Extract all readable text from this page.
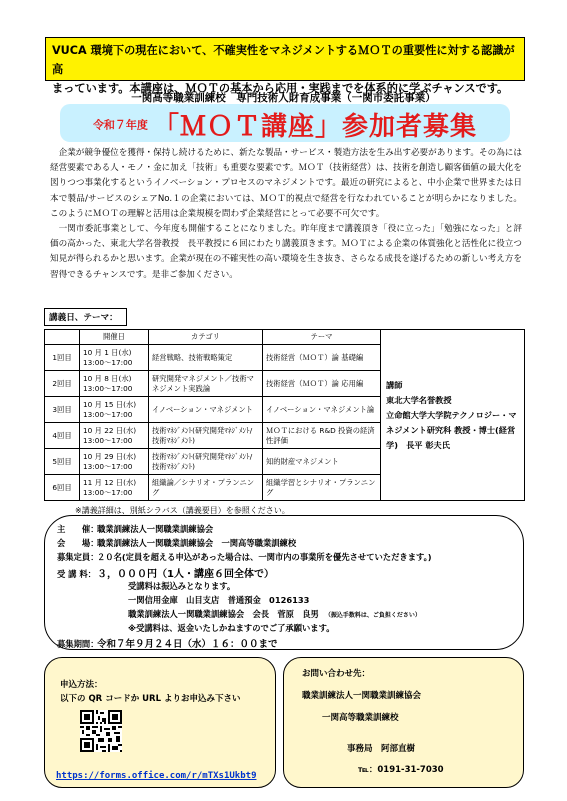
VUCA 環境下の現在において、不確実性をマネジメントするＭＯＴの重要性に対する認識が高
まっています。本講座は、ＭＯＴの基本から応用・実践までを体系的に学ぶチャンスです。
一関高等職業訓練校　専門技術人財育成事業（一関市委託事業）
令和７年度 「ＭＯＴ講座」参加者募集

企業が競争優位を獲得・保持し続けるために、新たな製品・サービス・製造方法を生み出す必要があります。その為には経営要素である人・モノ・金に加え「技術」も重要な要素です。ＭＯＴ（技術経営）は、技術を創造し顧客価値の最大化を図りつつ事業化するというイノベーション・プロセスのマネジメントです。最近の研究によると、中小企業で世界または日本で製品/サービスのシェアNo.１の企業においては、ＭＯＴ的視点で経営を行なわれていることが明らかになりました。このようにＭＯＴの理解と活用は企業規模を問わず企業経営にとって必要不可欠です。

一関市委託事業として、今年度も開催することになりました。昨年度まで講義頂き「役に立った」「勉強になった」と評価の高かった、東北大学名誉教授　長平教授に６回にわたり講義頂きます。ＭＯＴによる企業の体質強化と活性化に役立つ知見が得られるかと思います。企業が現在の不確実性の高い環境を生き抜き、さらなる成長を遂げるための新しい考え方を習得できるチャンスです。是非ご参加ください。

講義日、テーマ：
	開催日	カテゴリ	テーマ	講師
東北大学名誉教授
立命館大学大学院テクノロジー・マネジメント研究科 教授・博士(経営学)　長平 彰夫氏

1回目	10 月 1 日(水)
13:00～17:00	経営戦略、技術戦略策定	技術経営（ＭＯＴ）論 基礎編	
2回目	10 月 8 日(水)
13:00～17:00	研究開発マネジメント／技術マネジメント実践論	技術経営（ＭＯＴ）論 応用編	
3回目	10 月 15 日(水)
13:00～17:00	イノベーション・マネジメント	イノベーション・マネジメント論	
4回目	10 月 22 日(水)
13:00～17:00	技術ﾏﾈｼﾞﾒﾝﾄ(研究開発ﾏﾈｼﾞﾒﾝﾄ/技術ﾏﾈｼﾞﾒﾝﾄ)	ＭＯＴにおける R&D 投資の経済性評価	
5回目	10 月 29 日(水)
13:00～17:00	技術ﾏﾈｼﾞﾒﾝﾄ(研究開発ﾏﾈｼﾞﾒﾝﾄ/技術ﾏﾈｼﾞﾒﾝﾄ)	知的財産マネジメント	
6回目	11 月 12 日(水)
13:00～17:00	組織論／シナリオ・プランニング	組織学習とシナリオ・プランニング	
※講義詳細は、別紙シラバス（講義要目）を参照ください。
主　　催：職業訓練法人一関職業訓練協会
会　　場：職業訓練法人一関職業訓練協会　一関高等職業訓練校
募集定員：２０名(定員を超える申込があった場合は、一関市内の事業所を優先させていただきます。)
受 講 料：３，０００円（1人・講座６回全体で）
受講料は振込みとなります。
一関信用金庫　山目支店　普通預金　0126133
職業訓練法人一関職業訓練協会　会長　菅原　良男 （振込手数料は、ご負担ください）
※受講料は、返金いたしかねますのでご了承願います。
募集期間：令和７年９月２４日（水）１６：００まで
申込方法：
以下の QR コードか URL よりお申込み下さい
https://forms.office.com/r/mTXs1Ukbt9
お問い合わせ先：
職業訓練法人一関職業訓練協会
一関高等職業訓練校
事務局　阿部直樹
℡：0191-31-7030
